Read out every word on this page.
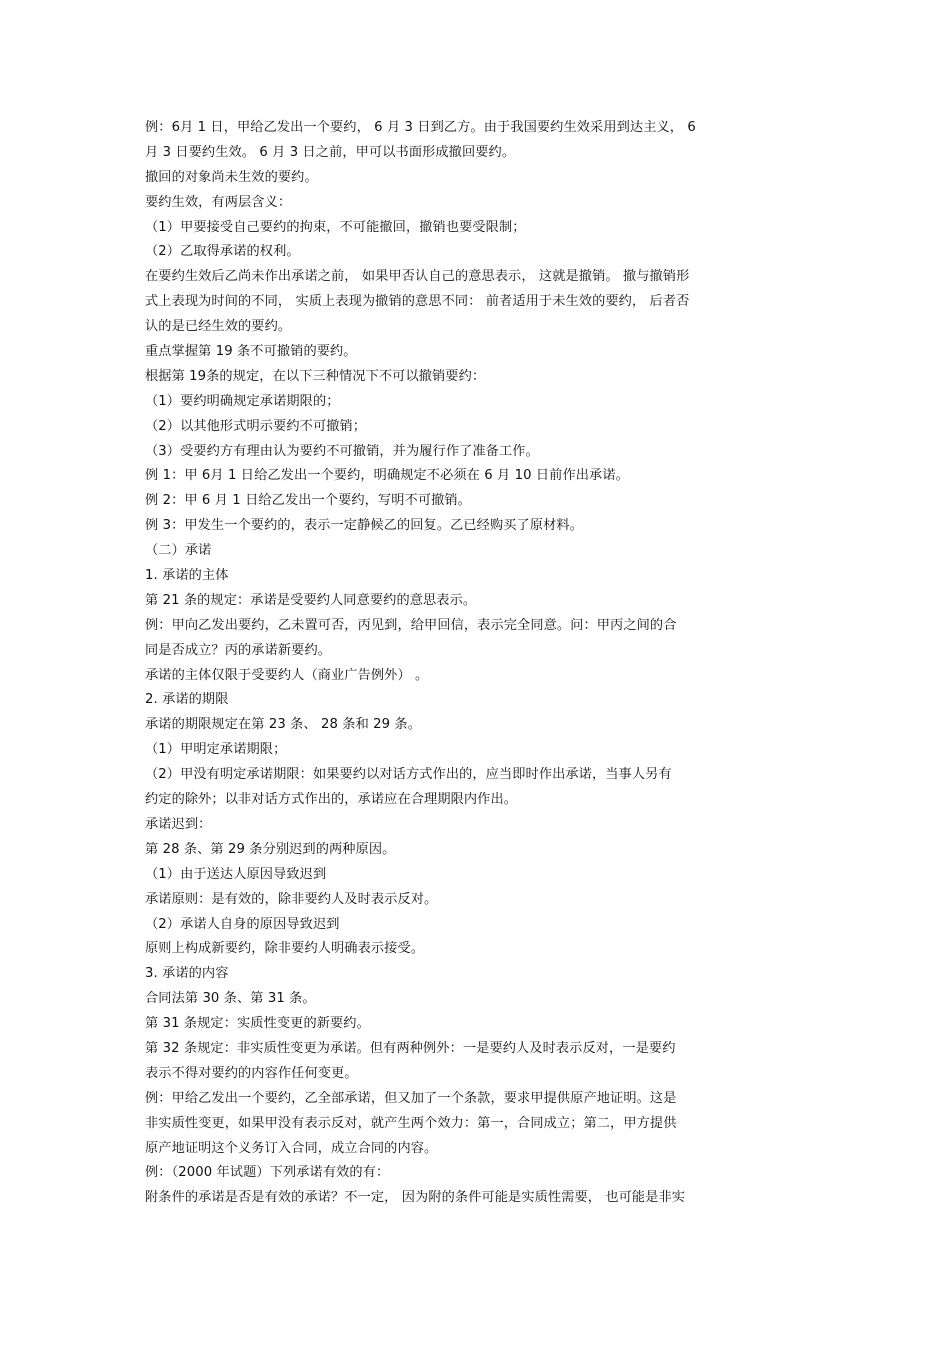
例：6月 1 日，甲给乙发出一个要约， 6 月 3 日到乙方。由于我国要约生效采用到达主义， 6
月 3 日要约生效。 6 月 3 日之前，甲可以书面形成撤回要约。
撤回的对象尚未生效的要约。
要约生效，有两层含义：
（1）甲要接受自己要约的拘束，不可能撤回，撤销也要受限制；
（2）乙取得承诺的权利。
在要约生效后乙尚未作出承诺之前， 如果甲否认自己的意思表示， 这就是撤销。 撤与撤销形
式上表现为时间的不同， 实质上表现为撤销的意思不同： 前者适用于未生效的要约， 后者否
认的是已经生效的要约。
重点掌握第 19 条不可撤销的要约。
根据第 19条的规定，在以下三种情况下不可以撤销要约：
（1）要约明确规定承诺期限的；
（2）以其他形式明示要约不可撤销；
（3）受要约方有理由认为要约不可撤销，并为履行作了准备工作。
例 1：甲 6月 1 日给乙发出一个要约，明确规定不必须在 6 月 10 日前作出承诺。
例 2：甲 6 月 1 日给乙发出一个要约，写明不可撤销。
例 3：甲发生一个要约的，表示一定静候乙的回复。乙已经购买了原材料。
（二）承诺
1. 承诺的主体
第 21 条的规定：承诺是受要约人同意要约的意思表示。
例：甲向乙发出要约，乙未置可否，丙见到，给甲回信，表示完全同意。问：甲丙之间的合
同是否成立？丙的承诺新要约。
承诺的主体仅限于受要约人（商业广告例外） 。
2. 承诺的期限
承诺的期限规定在第 23 条、 28 条和 29 条。
（1）甲明定承诺期限；
（2）甲没有明定承诺期限：如果要约以对话方式作出的，应当即时作出承诺，当事人另有
约定的除外；以非对话方式作出的，承诺应在合理期限内作出。
承诺迟到：
第 28 条、第 29 条分别迟到的两种原因。
（1）由于送达人原因导致迟到
承诺原则：是有效的，除非要约人及时表示反对。
（2）承诺人自身的原因导致迟到
原则上构成新要约，除非要约人明确表示接受。
3. 承诺的内容
合同法第 30 条、第 31 条。
第 31 条规定：实质性变更的新要约。
第 32 条规定：非实质性变更为承诺。但有两种例外：一是要约人及时表示反对，一是要约
表示不得对要约的内容作任何变更。
例：甲给乙发出一个要约，乙全部承诺，但又加了一个条款，要求甲提供原产地证明。这是
非实质性变更，如果甲没有表示反对，就产生两个效力：第一，合同成立；第二，甲方提供
原产地证明这个义务订入合同，成立合同的内容。
例：（2000 年试题）下列承诺有效的有：
附条件的承诺是否是有效的承诺？不一定， 因为附的条件可能是实质性需要， 也可能是非实
